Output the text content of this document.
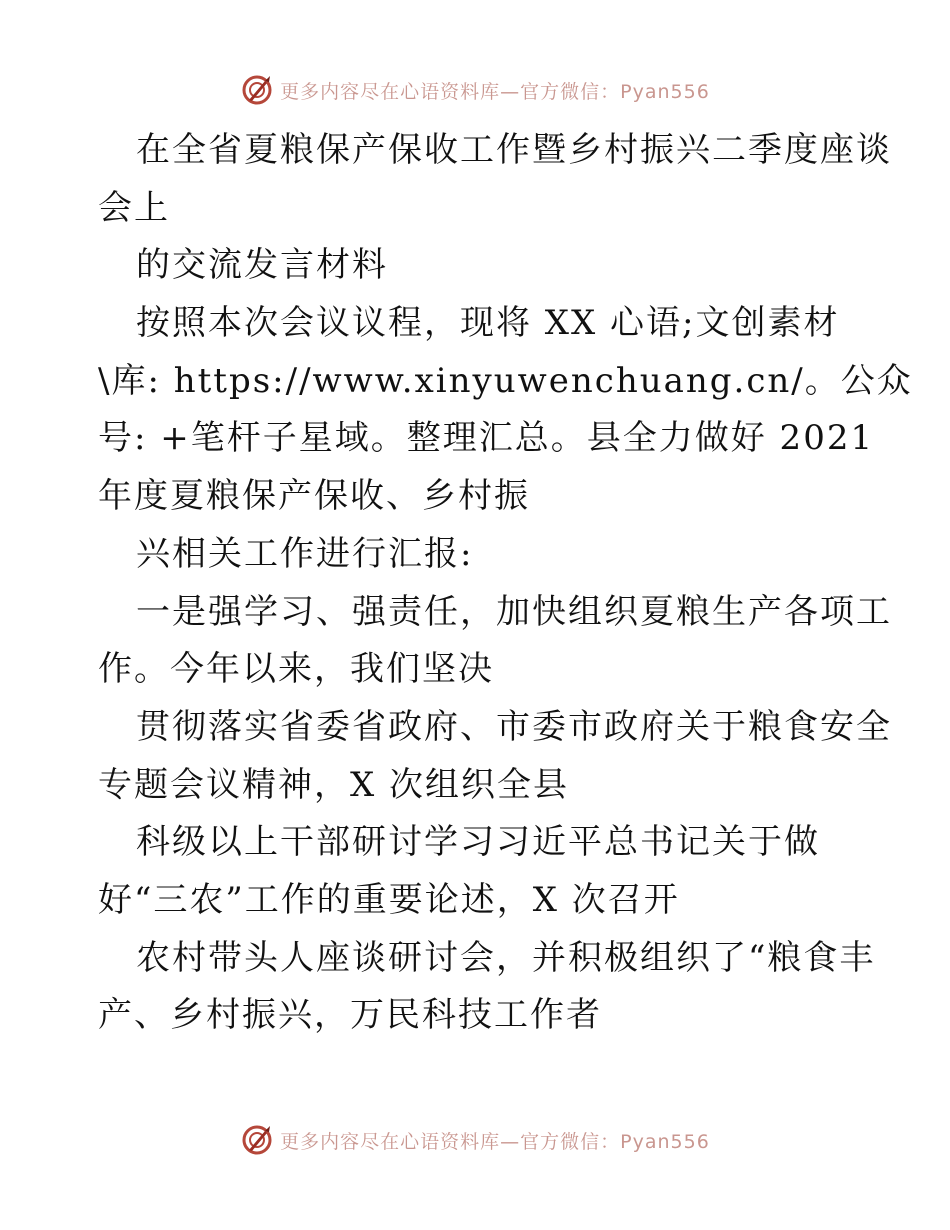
更多内容尽在心语资料库—官方微信：Pyan556
在全省夏粮保产保收工作暨乡村振兴二季度座谈
会上
的交流发言材料
按照本次会议议程，现将 XX 心语;文创素材
\库: https://www.xinyuwenchuang.cn/。公众
号: +笔杆子星域。整理汇总。县全力做好 2021
年度夏粮保产保收、乡村振
兴相关工作进行汇报:
一是强学习、强责任，加快组织夏粮生产各项工
作。今年以来，我们坚决
贯彻落实省委省政府、市委市政府关于粮食安全
专题会议精神，X 次组织全县
科级以上干部研讨学习习近平总书记关于做
好“三农”工作的重要论述，X 次召开
农村带头人座谈研讨会，并积极组织了“粮食丰
产、乡村振兴，万民科技工作者
更多内容尽在心语资料库—官方微信：Pyan556
